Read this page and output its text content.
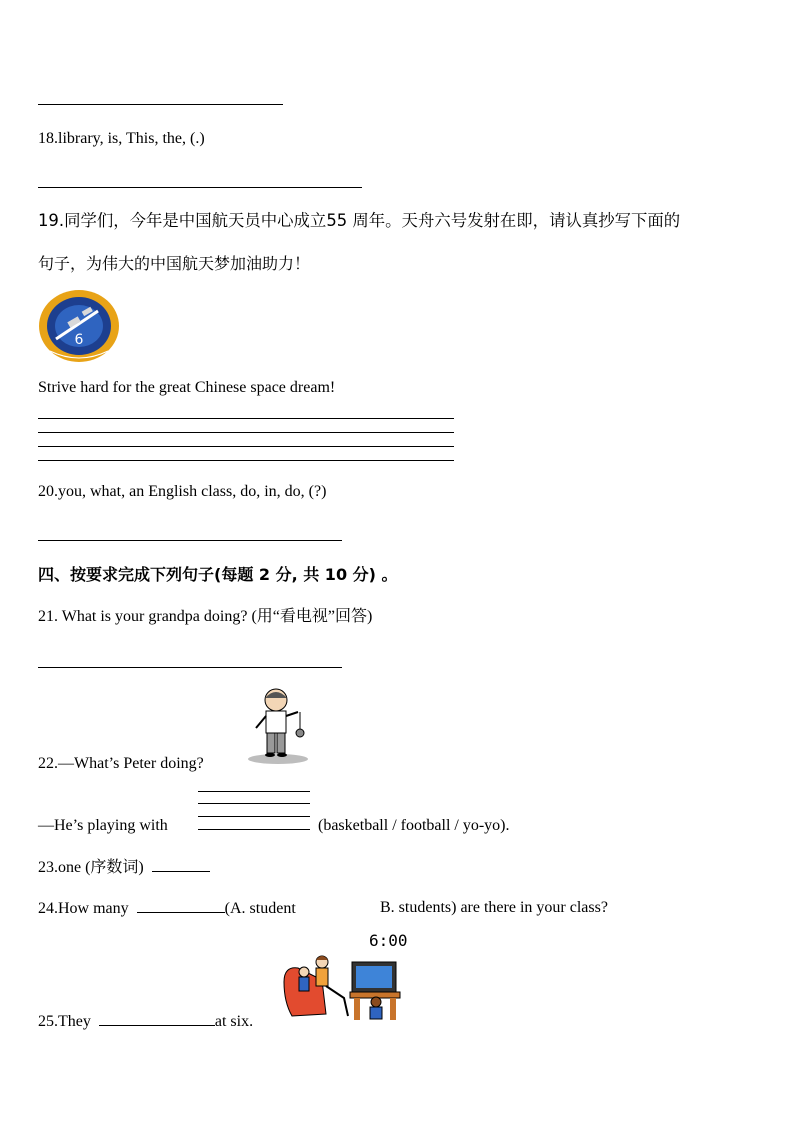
18.library, is, This, the, (.)
19.同学们，今年是中国航天员中心成立55 周年。天舟六号发射在即，请认真抄写下面的
句子，为伟大的中国航天梦加油助力！
6
Strive hard for the great Chinese space dream!
20.you, what, an English class, do, in, do, (?)
四、按要求完成下列句子(每题 2 分, 共 10 分) 。
21. What is your grandpa doing? (用“看电视”回答)
22.—What’s Peter doing?
—He’s playing with	(basketball / football / yo-yo).
23.one (序数词)
24.How many	(A. student	B. students) are there in your class?
6:00
25.They	at six.
